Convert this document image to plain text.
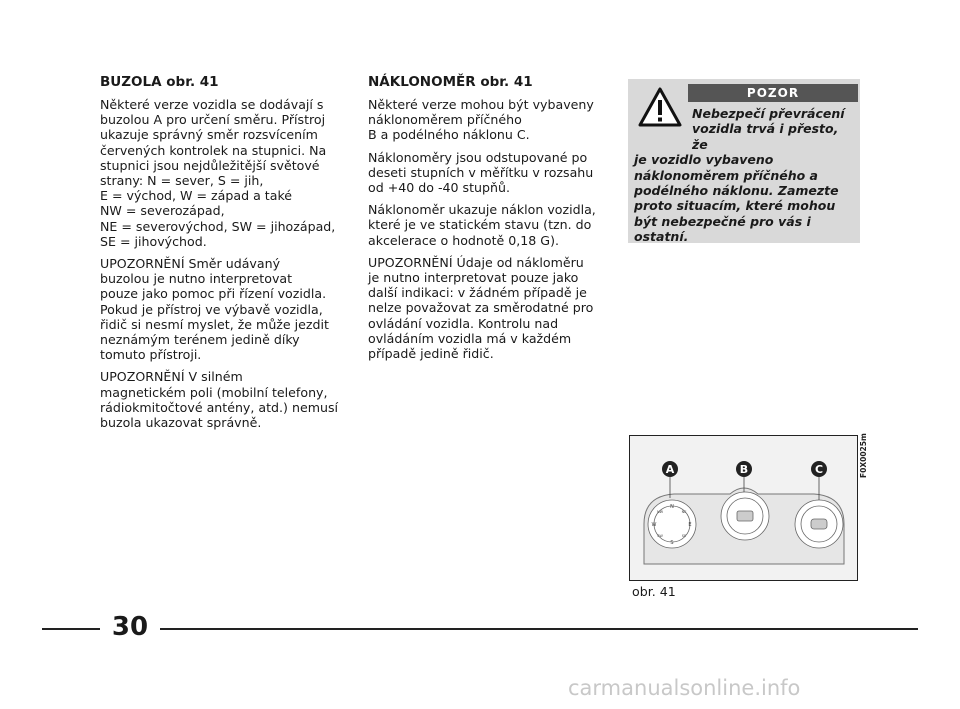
BUZOLA obr. 41

Některé verze vozidla se dodávají s
buzolou A pro určení směru. Přístroj
ukazuje správný směr rozsvícením
červených kontrolek na stupnici. Na
stupnici jsou nejdůležitější světové
strany: N = sever, S = jih,
E = východ, W = západ a také
NW = severozápad,
NE = severovýchod, SW = jihozápad,
SE = jihovýchod.

UPOZORNĚNÍ Směr udávaný
buzolou je nutno interpretovat
pouze jako pomoc při řízení vozidla.
Pokud je přístroj ve výbavě vozidla,
řidič si nesmí myslet, že může jezdit
neznámým terénem jedině díky
tomuto přístroji.

UPOZORNĚNÍ V silném
magnetickém poli (mobilní telefony,
rádiokmitočtové antény, atd.) nemusí
buzola ukazovat správně.

NÁKLONOMĚR obr. 41

Některé verze mohou být vybaveny
náklonoměrem příčného
B a podélného náklonu C.

Náklonoměry jsou odstupované po
deseti stupních v měřítku v rozsahu
od +40 do -40 stupňů.

Náklonoměr ukazuje náklon vozidla,
které je ve statickém stavu (tzn. do
akcelerace o hodnotě 0,18 G).

UPOZORNĚNÍ Údaje od nákloměru
je nutno interpretovat pouze jako
další indikaci: v žádném případě je
nelze považovat za směrodatné pro
ovládání vozidla. Kontrolu nad
ovládáním vozidla má v každém
případě jedině řidič.

POZOR
Nebezpečí převrácení
vozidla trvá i přesto, že
je vozidlo vybaveno
náklonoměrem příčného a
podélného náklonu. Zamezte
proto situacím, které mohou
být nebezpečné pro vás i
ostatní.
N
S
E
W
NW	NE
SW	SE
A	B	C	F0X0025m
obr. 41
30
carmanualsonline.info
